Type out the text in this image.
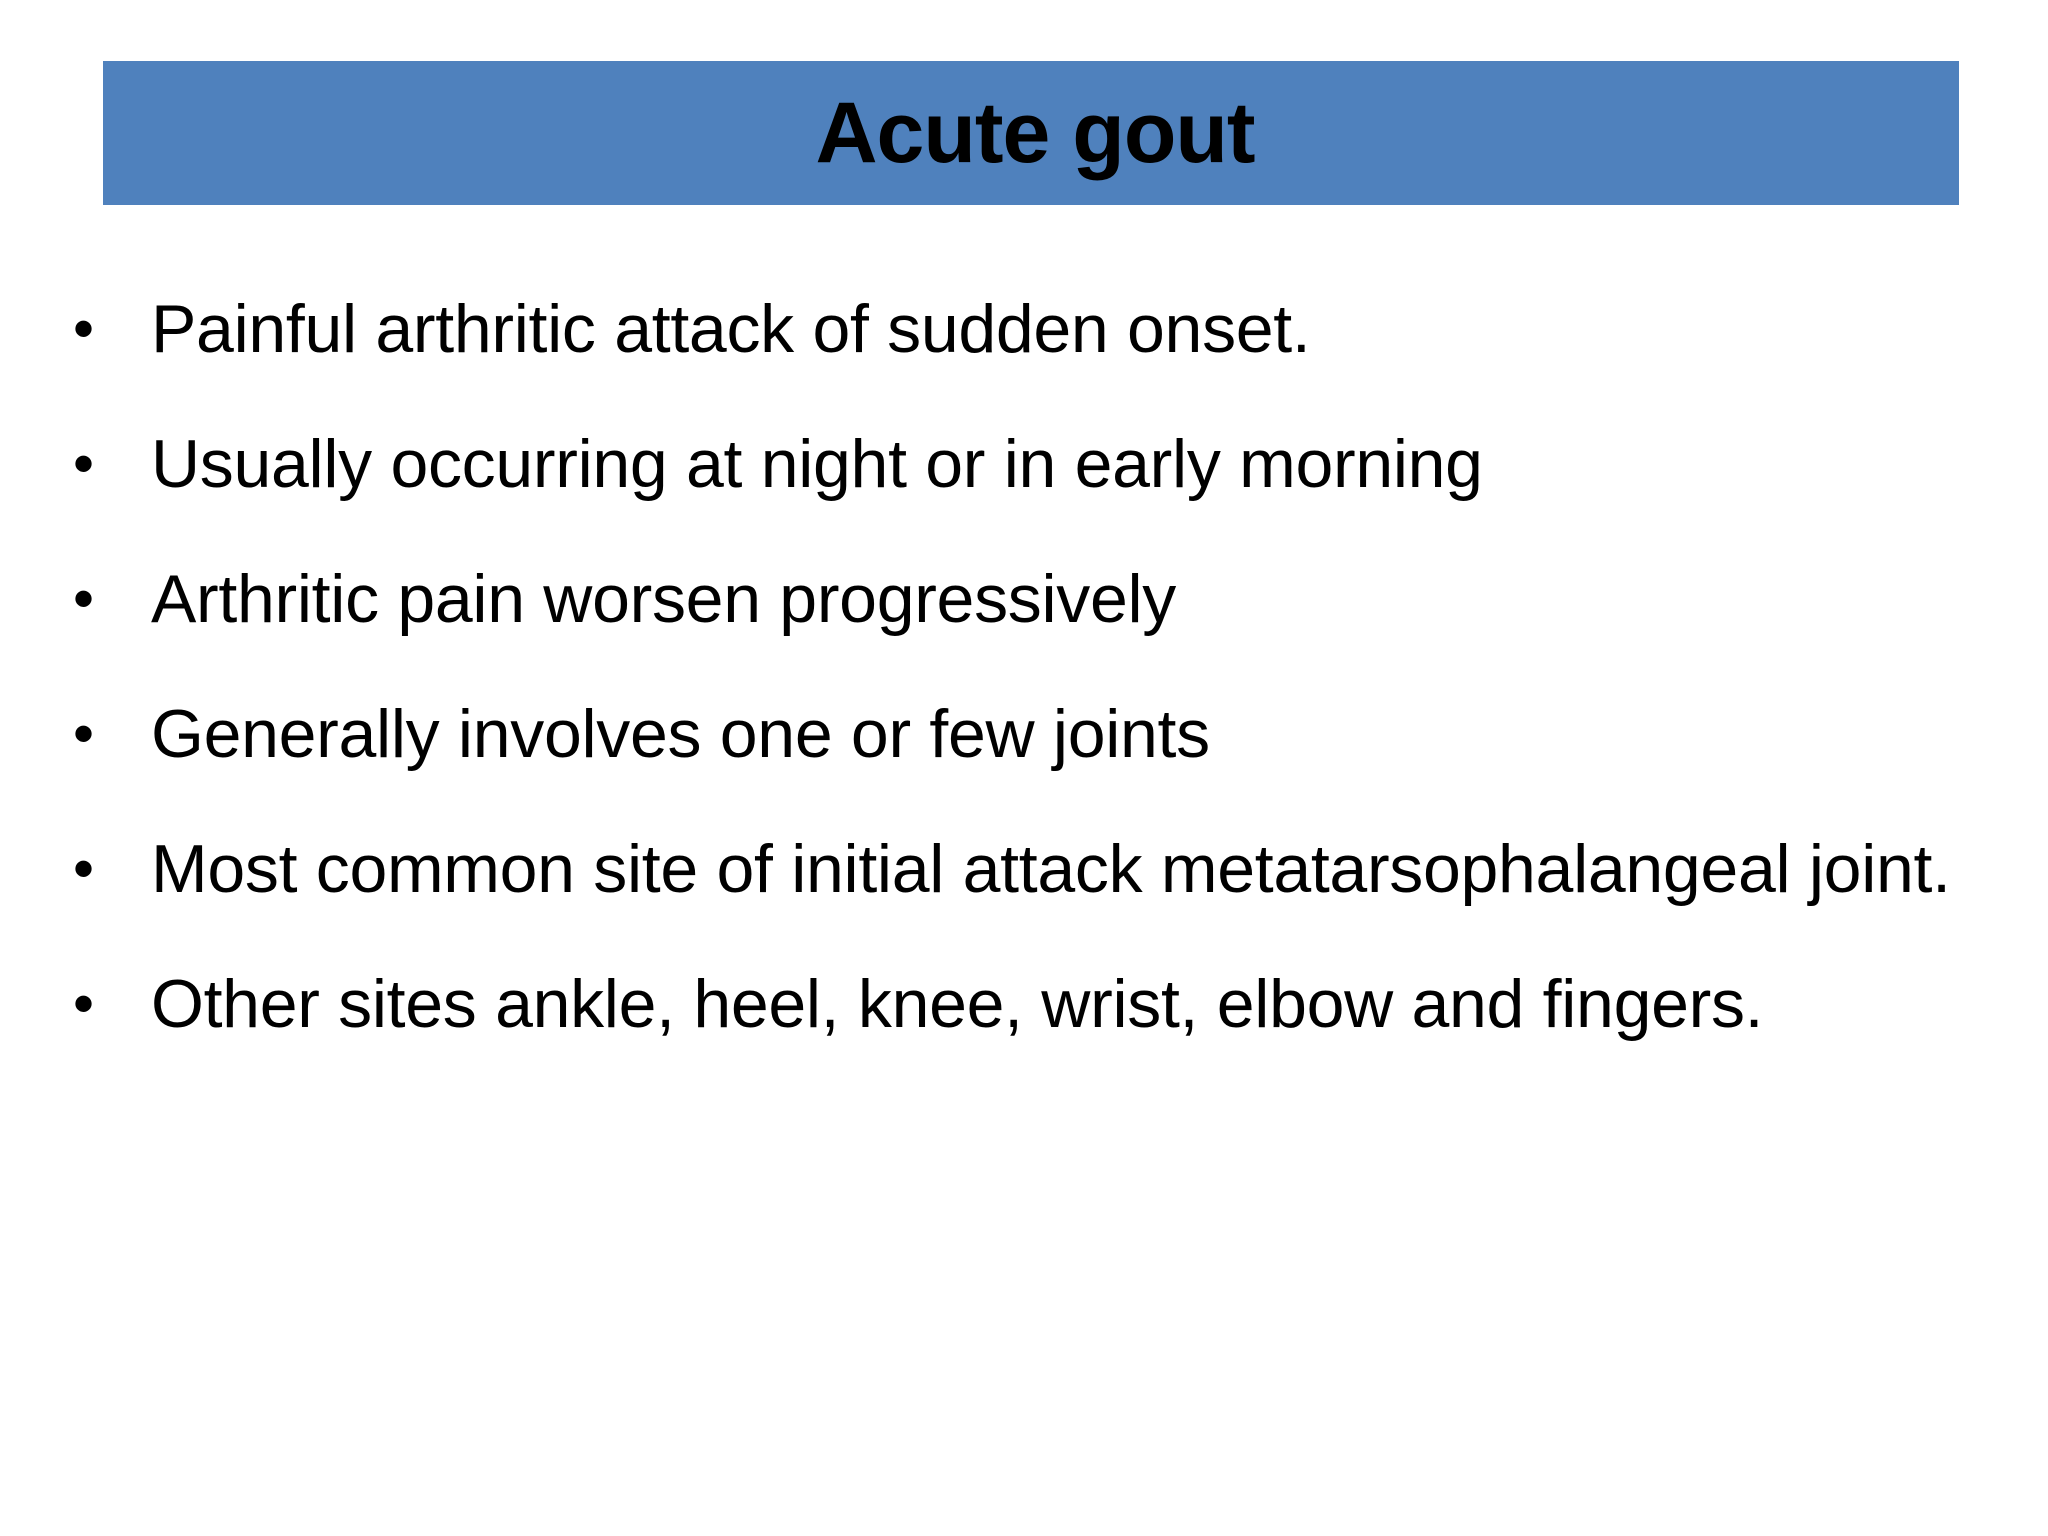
Acute gout
• Painful arthritic attack of sudden onset.
• Usually occurring at night or in early morning
• Arthritic pain worsen progressively
• Generally involves one or few joints
• Most common site of initial attack metatarsophalangeal joint.
• Other sites ankle, heel, knee, wrist, elbow and fingers.
